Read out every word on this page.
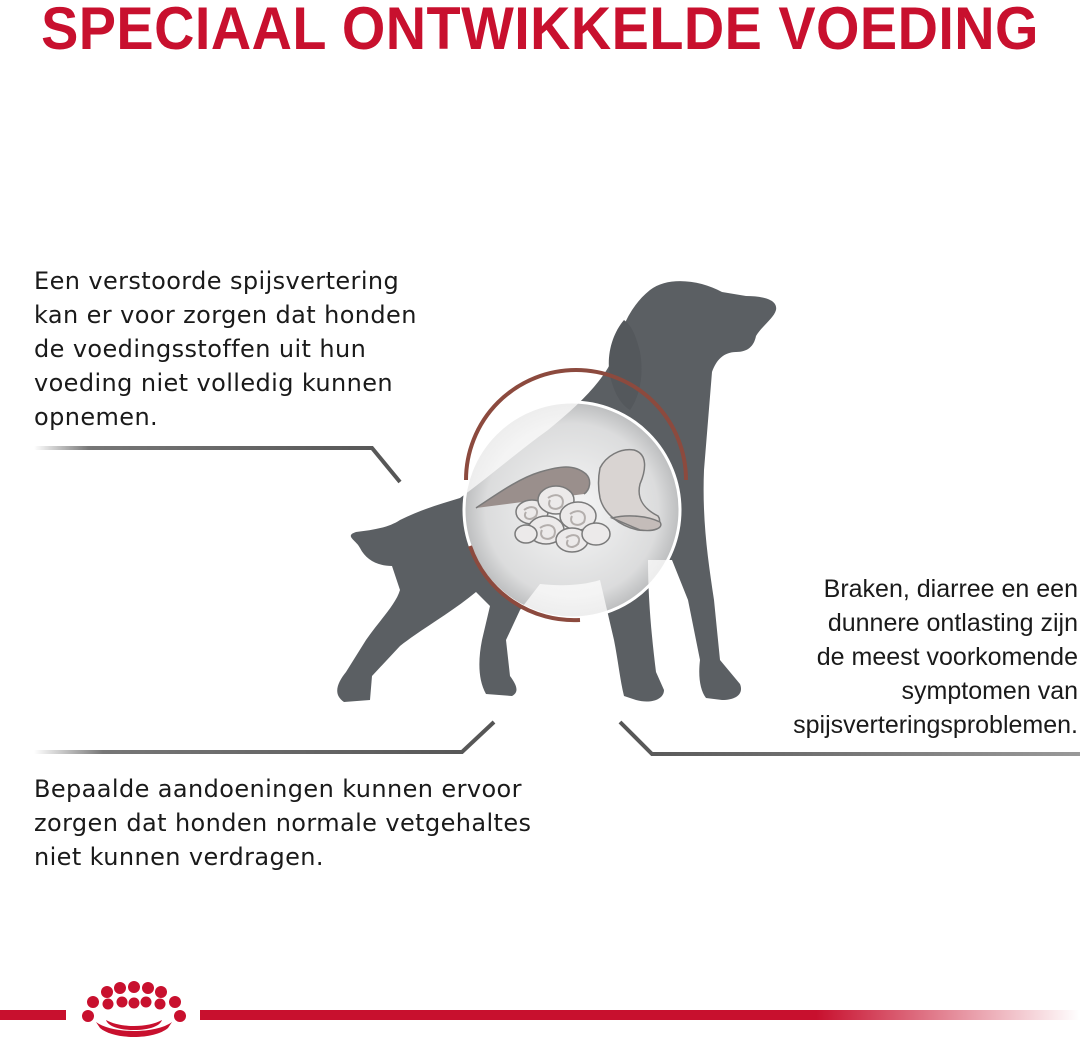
SPECIAAL ONTWIKKELDE VOEDING

Een verstoorde spijsvertering

kan er voor zorgen dat honden

de voedingsstoffen uit hun

voeding niet volledig kunnen

opnemen.

Bepaalde aandoeningen kunnen ervoor

zorgen dat honden normale vetgehaltes

niet kunnen verdragen.

Braken, diarree en een

dunnere ontlasting zijn

de meest voorkomende

symptomen van

spijsverteringsproblemen.
